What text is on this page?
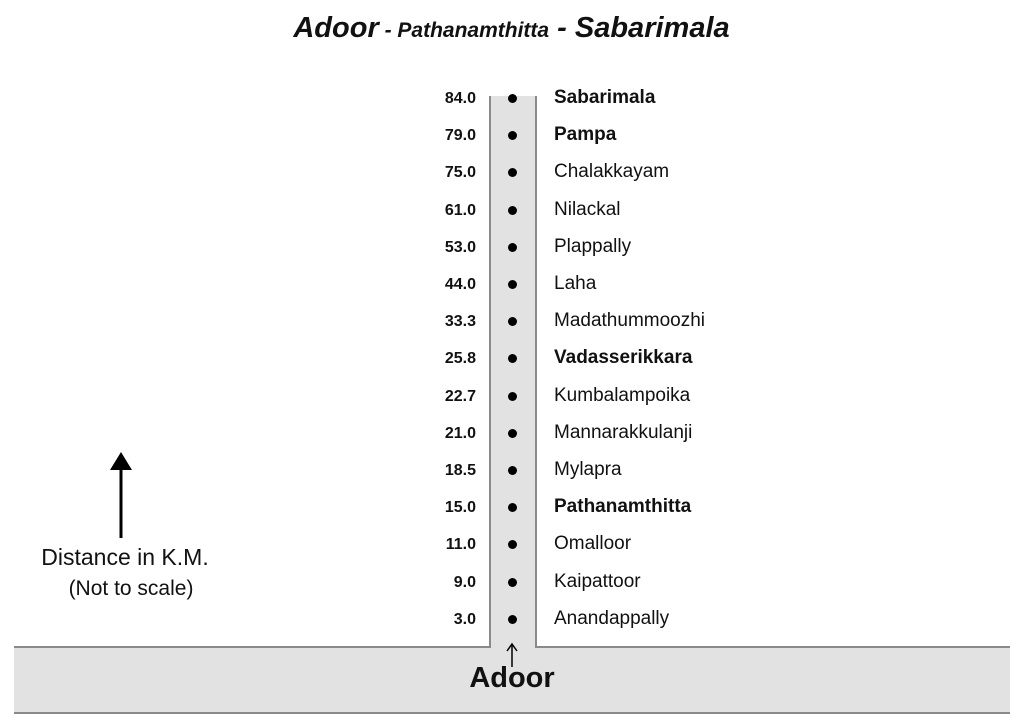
Adoor - Pathanamthitta - Sabarimala
84.0	Sabarimala
79.0	Pampa
75.0	Chalakkayam
61.0	Nilackal
53.0	Plappally
44.0	Laha
33.3	Madathummoozhi
25.8	Vadasserikkara
22.7	Kumbalampoika
21.0	Mannarakkulanji
18.5	Mylapra
15.0	Pathanamthitta
11.0	Omalloor
9.0	Kaipattoor
3.0	Anandappally
Adoor
Distance in K.M.
(Not to scale)
